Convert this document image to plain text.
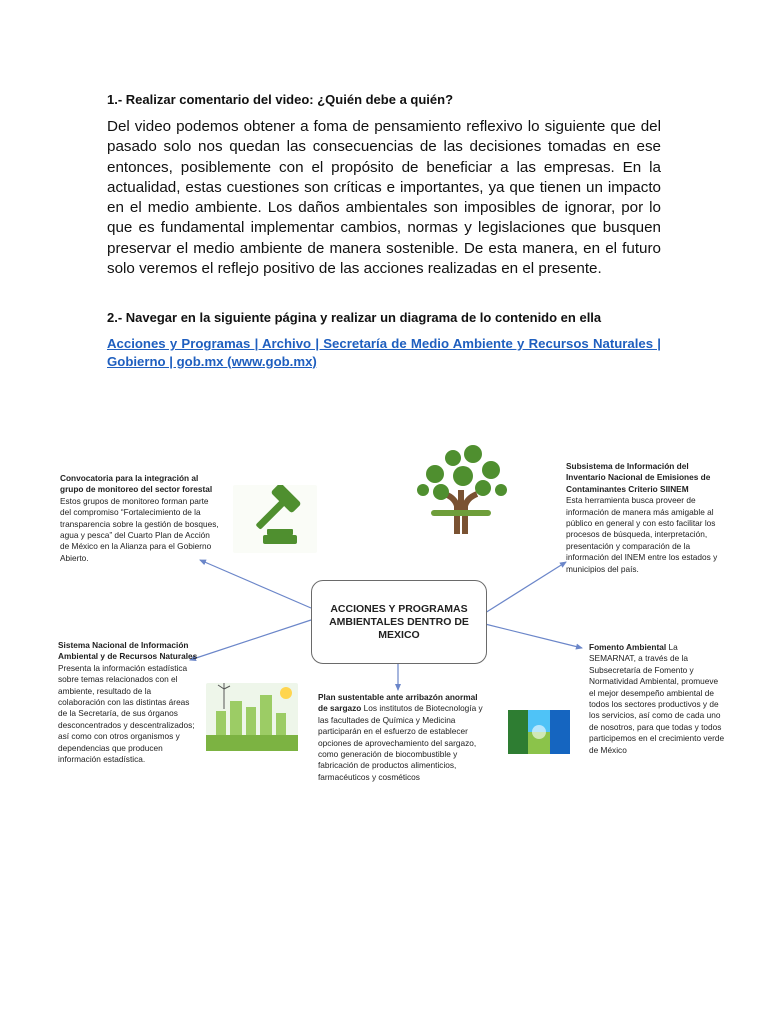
1.- Realizar comentario del video: ¿Quién debe a quién?
Del video podemos obtener a foma de pensamiento reflexivo lo siguiente que del pasado solo nos quedan las consecuencias de las decisiones tomadas en ese entonces, posiblemente con el propósito de beneficiar a las empresas. En la actualidad, estas cuestiones son críticas e importantes, ya que tienen un impacto en el medio ambiente. Los daños ambientales son imposibles de ignorar, por lo que es fundamental implementar cambios, normas y legislaciones que busquen preservar el medio ambiente de manera sostenible. De esta manera, en el futuro solo veremos el reflejo positivo de las acciones realizadas en el presente.
2.- Navegar en la siguiente página y realizar un diagrama de lo contenido en ella
Acciones y Programas | Archivo | Secretaría de Medio Ambiente y Recursos Naturales | Gobierno | gob.mx (www.gob.mx)
ACCIONES Y PROGRAMAS AMBIENTALES DENTRO DE MEXICO
Convocatoria para la integración al grupo de monitoreo del sector forestal
Estos grupos de monitoreo forman parte del compromiso “Fortalecimiento de la transparencia sobre la gestión de bosques, agua y pesca” del Cuarto Plan de Acción de México en la Alianza para el Gobierno Abierto.
Subsistema de Información del Inventario Nacional de Emisiones de Contaminantes Criterio SIINEM
Esta herramienta busca proveer de información de manera más amigable al público en general y con esto facilitar los procesos de búsqueda, interpretación, presentación y comparación de la información del INEM entre los estados y municipios del país.
Sistema Nacional de Información Ambiental y de Recursos Naturales
Presenta la información estadística sobre temas relacionados con el ambiente, resultado de la colaboración con las distintas áreas de la Secretaría, de sus órganos desconcentrados y descentralizados; así como con otros organismos y dependencias que producen información estadística.
Plan sustentable ante arribazón anormal de sargazo Los institutos de Biotecnología y las facultades de Química y Medicina participarán en el esfuerzo de establecer opciones de aprovechamiento del sargazo, como generación de biocombustible y fabricación de productos alimenticios, farmacéuticos y cosméticos
Fomento Ambiental La SEMARNAT, a través de la Subsecretaría de Fomento y Normatividad Ambiental, promueve el mejor desempeño ambiental de todos los sectores productivos y de los servicios, así como de cada uno de nosotros, para que todas y todos participemos en el crecimiento verde de México
